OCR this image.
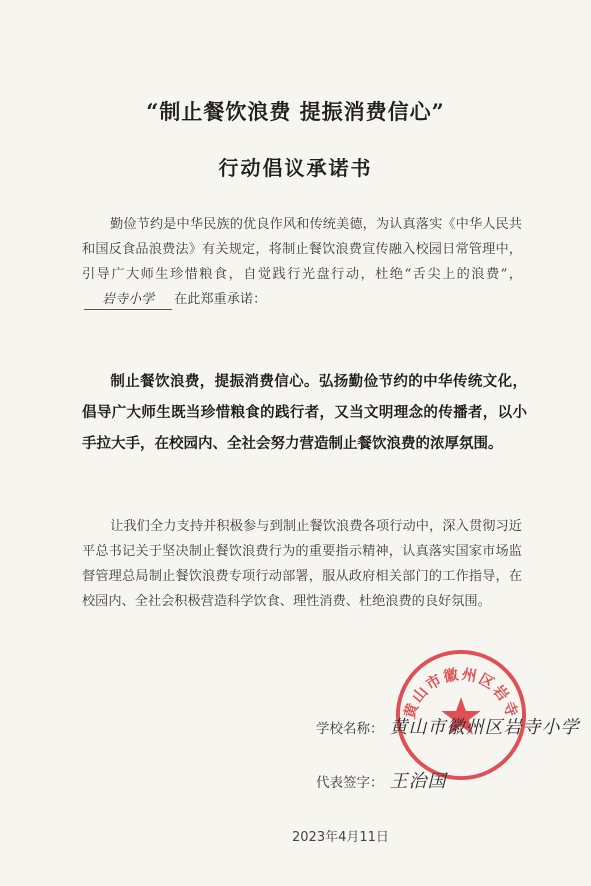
“制止餐饮浪费 提振消费信心”
行动倡议承诺书
勤俭节约是中华民族的优良作风和传统美德，为认真落实《中华人民共和国反食品浪费法》有关规定，将制止餐饮浪费宣传融入校园日常管理中，引导广大师生珍惜粮食，自觉践行光盘行动，杜绝“舌尖上的浪费”，岩寺小学 在此郑重承诺：
制止餐饮浪费，提振消费信心。弘扬勤俭节约的中华传统文化，倡导广大师生既当珍惜粮食的践行者，又当文明理念的传播者，以小手拉大手，在校园内、全社会努力营造制止餐饮浪费的浓厚氛围。
让我们全力支持并积极参与到制止餐饮浪费各项行动中，深入贯彻习近平总书记关于坚决制止餐饮浪费行为的重要指示精神，认真落实国家市场监督管理总局制止餐饮浪费专项行动部署，服从政府相关部门的工作指导，在校园内、全社会积极营造科学饮食、理性消费、杜绝浪费的良好氛围。
黄山市徽州区岩寺
学校名称： 黄山市徽州区岩寺小学
代表签字： 王治国
2023年4月11日
